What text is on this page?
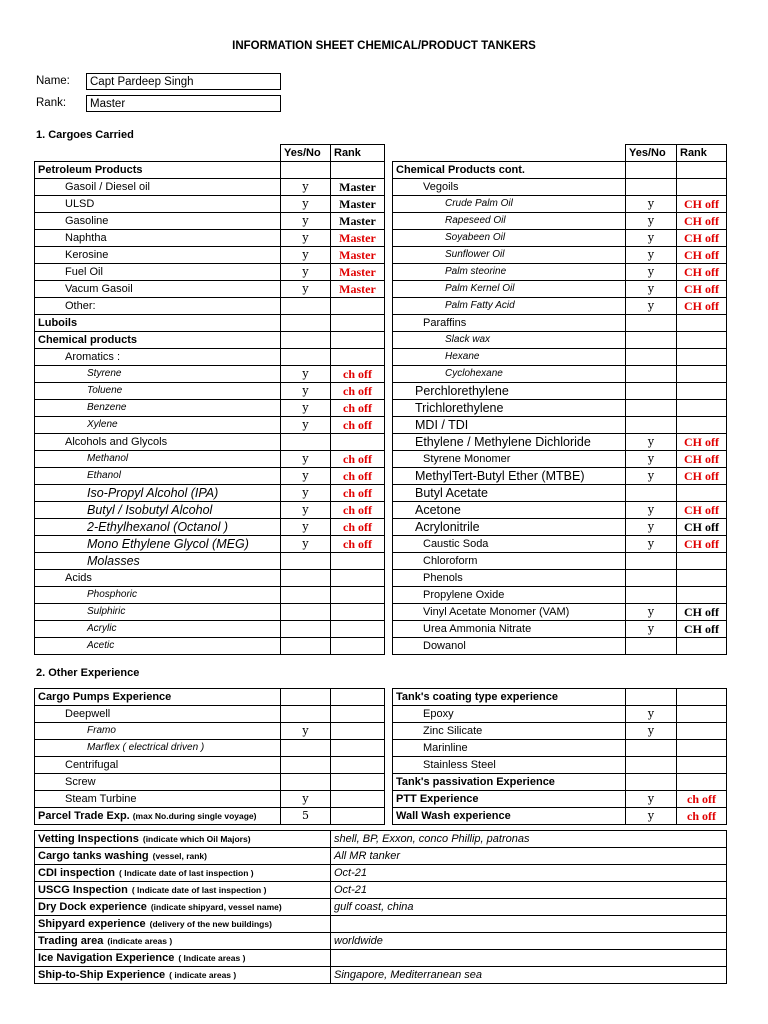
INFORMATION SHEET CHEMICAL/PRODUCT TANKERS
Name:	Capt Pardeep Singh
Rank:	Master
1. Cargoes Carried
	Yes/No	Rank
Petroleum Products		
Gasoil / Diesel oil	y	Master
ULSD	y	Master
Gasoline	y	Master
Naphtha	y	Master
Kerosine	y	Master
Fuel Oil	y	Master
Vacum Gasoil	y	Master
Other:		
Luboils		
Chemical products		
Aromatics :		
Styrene	y	ch off
Toluene	y	ch off
Benzene	y	ch off
Xylene	y	ch off
Alcohols and Glycols		
Methanol	y	ch off
Ethanol	y	ch off
Iso-Propyl Alcohol (IPA)	y	ch off
Butyl / Isobutyl Alcohol	y	ch off
2-Ethylhexanol (Octanol )	y	ch off
Mono Ethylene Glycol (MEG)	y	ch off
Molasses		
Acids		
Phosphoric		
Sulphiric		
Acrylic		
Acetic		
	Yes/No	Rank
Chemical Products cont.		
Vegoils		
Crude Palm Oil	y	CH off
Rapeseed Oil	y	CH off
Soyabeen Oil	y	CH off
Sunflower Oil	y	CH off
Palm steorine	y	CH off
Palm Kernel Oil	y	CH off
Palm Fatty Acid	y	CH off
Paraffins		
Slack wax		
Hexane		
Cyclohexane		
Perchlorethylene		
Trichlorethylene		
MDI / TDI		
Ethylene / Methylene Dichloride	y	CH off
Styrene Monomer	y	CH off
MethylTert-Butyl Ether (MTBE)	y	CH off
Butyl Acetate		
Acetone	y	CH off
Acrylonitrile	y	CH off
Caustic Soda	y	CH off
Chloroform		
Phenols		
Propylene Oxide		
Vinyl Acetate Monomer (VAM)	y	CH off
Urea Ammonia Nitrate	y	CH off
Dowanol		
2. Other Experience
Cargo Pumps Experience		
Deepwell		
Framo	y	
Marflex ( electrical driven )		
Centrifugal		
Screw		
Steam Turbine	y	
Parcel Trade Exp. (max No.during single voyage)	5	
Tank's coating type experience		
Epoxy	y	
Zinc Silicate	y	
Marinline		
Stainless Steel		
Tank's passivation Experience		
PTT Experience	y	ch off
Wall Wash experience	y	ch off
Vetting Inspections (indicate which Oil Majors)	shell, BP, Exxon, conco Phillip, patronas
Cargo tanks washing (vessel, rank)	All MR tanker
CDI inspection ( Indicate date of last inspection )	Oct-21
USCG Inspection ( Indicate date of last inspection )	Oct-21
Dry Dock experience (indicate shipyard, vessel name)	gulf coast, china
Shipyard experience (delivery of the new buildings)	
Trading area (indicate areas )	worldwide
Ice Navigation Experience ( Indicate areas )	
Ship-to-Ship Experience ( indicate areas )	Singapore, Mediterranean sea
